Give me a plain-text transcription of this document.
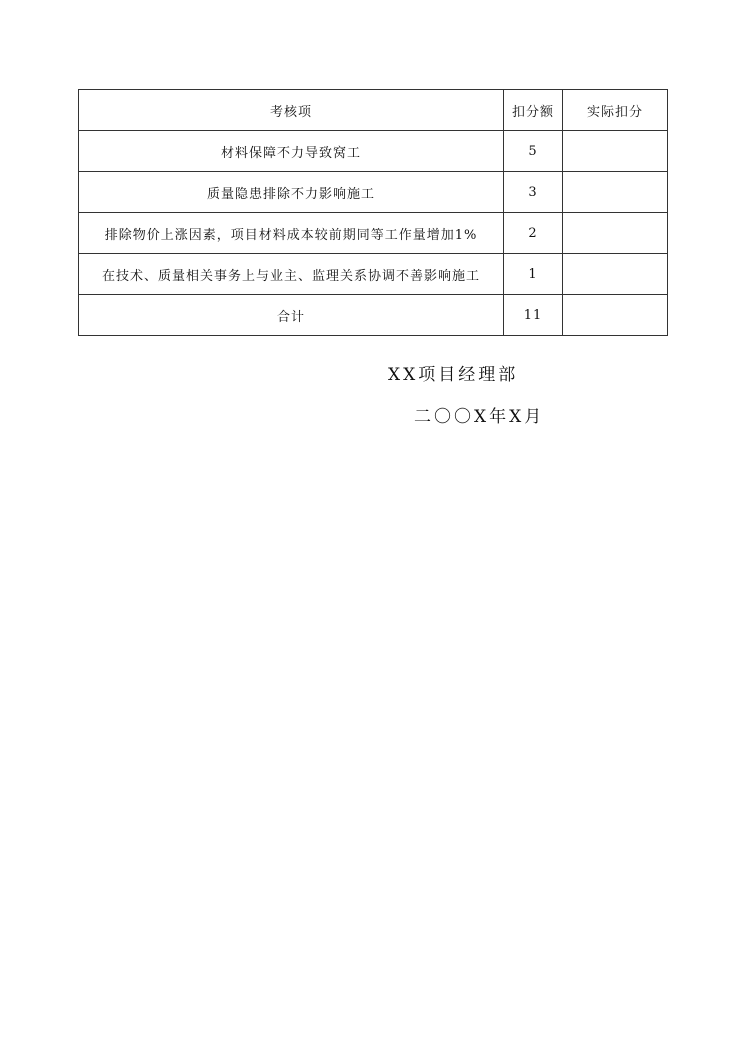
考核项	扣分额	实际扣分
材料保障不力导致窝工	5	
质量隐患排除不力影响施工	3	
排除物价上涨因素，项目材料成本较前期同等工作量增加1%	2	
在技术、质量相关事务上与业主、监理关系协调不善影响施工	1	
合计	11	
XX项目经理部
二〇〇X年X月
